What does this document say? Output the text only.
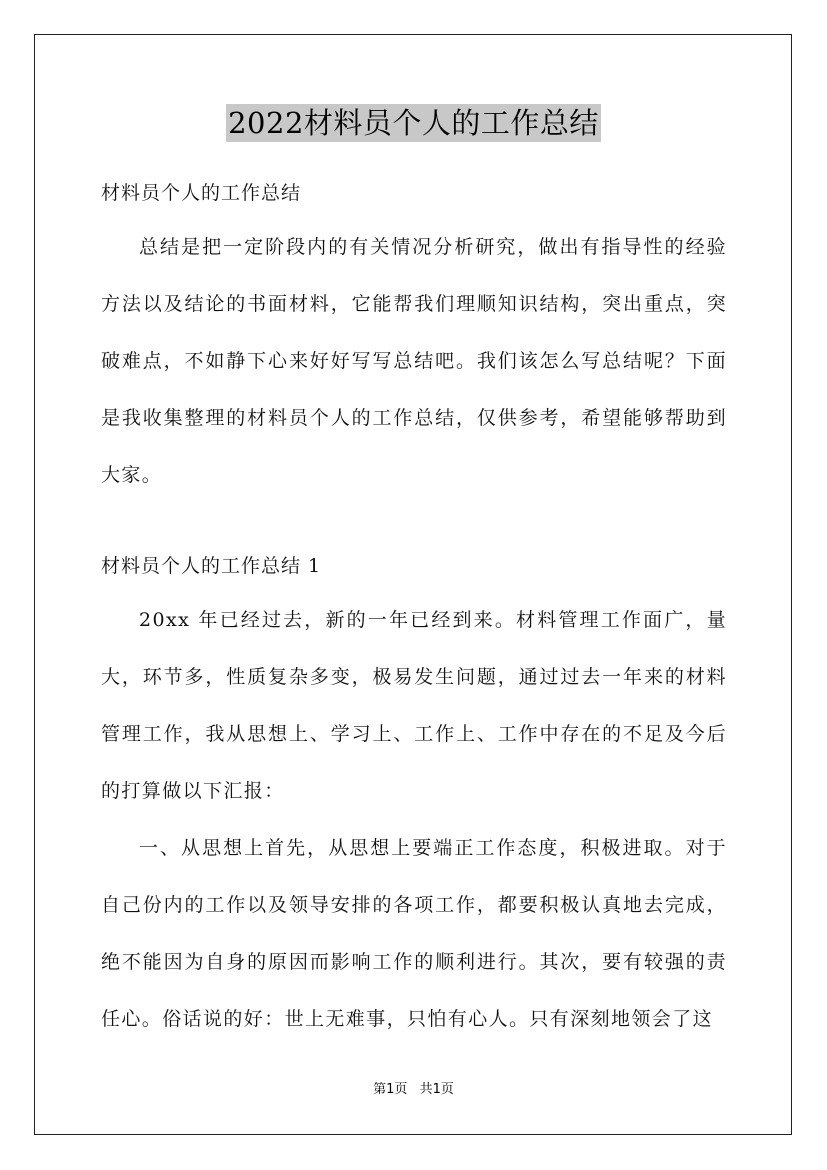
2022材料员个人的工作总结
材料员个人的工作总结

总结是把一定阶段内的有关情况分析研究，做出有指导性的经验方法以及结论的书面材料，它能帮我们理顺知识结构，突出重点，突破难点，不如静下心来好好写写总结吧。我们该怎么写总结呢？下面是我收集整理的材料员个人的工作总结，仅供参考，希望能够帮助到大家。

材料员个人的工作总结 1

20xx 年已经过去，新的一年已经到来。材料管理工作面广，量大，环节多，性质复杂多变，极易发生问题，通过过去一年来的材料管理工作，我从思想上、学习上、工作上、工作中存在的不足及今后的打算做以下汇报：

一、从思想上首先，从思想上要端正工作态度，积极进取。对于自己份内的工作以及领导安排的各项工作，都要积极认真地去完成，绝不能因为自身的原因而影响工作的顺利进行。其次，要有较强的责任心。俗话说的好：世上无难事，只怕有心人。只有深刻地领会了这

第1页 共1页
